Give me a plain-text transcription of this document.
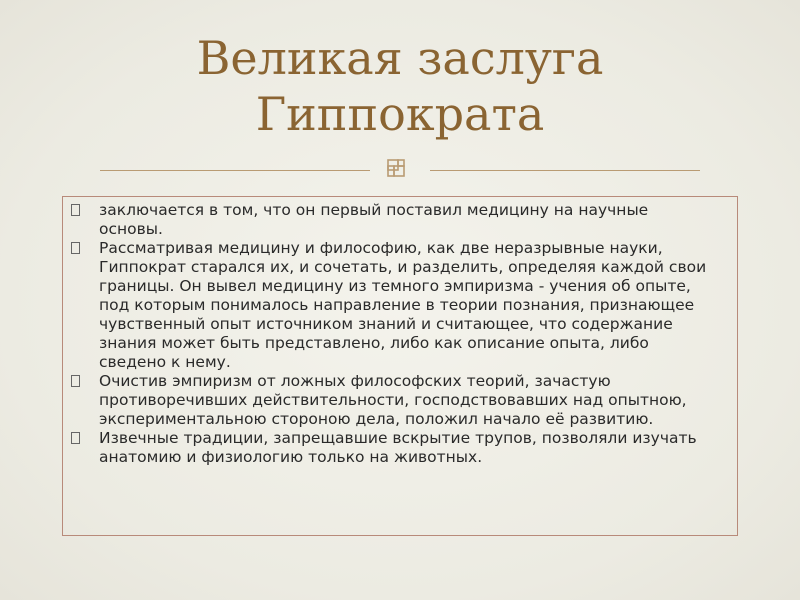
Великая заслуга
Гиппократа
заключается в том, что он первый поставил медицину на научные основы.
Рассматривая медицину и философию, как две неразрывные науки, Гиппократ старался их, и сочетать, и разделить, определяя каждой свои границы. Он вывел медицину из темного эмпиризма - учения об опыте, под которым понималось направление в теории познания, признающее чувственный опыт источником знаний и считающее, что содержание знания может быть представлено, либо как описание опыта, либо сведено к нему.
Очистив эмпиризм от ложных философских теорий, зачастую противоречивших действительности, господствовавших над опытною, экспериментальною стороною дела, положил начало её развитию.
Извечные традиции, запрещавшие вскрытие трупов, позволяли изучать анатомию и физиологию только на животных.
